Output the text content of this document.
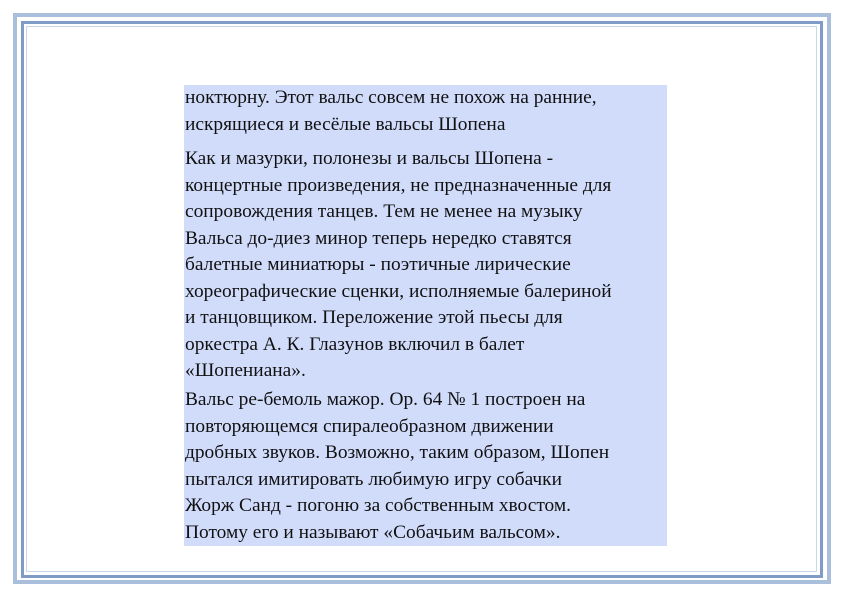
ноктюрну. Этот вальс совсем не похож на ранние,
искрящиеся и весёлые вальсы Шопена

Как и мазурки, полонезы и вальсы Шопена -
концертные произведения, не предназначенные для
сопровождения танцев. Тем не менее на музыку
Вальса до-диез минор теперь нередко ставятся
балетные миниатюры - поэтичные лирические
хореографические сценки, исполняемые балериной
и танцовщиком. Переложение этой пьесы для
оркестра А. К. Глазунов включил в балет
«Шопениана».

Вальс ре-бемоль мажор. Op. 64 № 1 построен на
повторяющемся спиралеобразном движении
дробных звуков. Возможно, таким образом, Шопен
пытался имитировать любимую игру собачки
Жорж Санд - погоню за собственным хвостом.
Потому его и называют «Собачьим вальсом».
